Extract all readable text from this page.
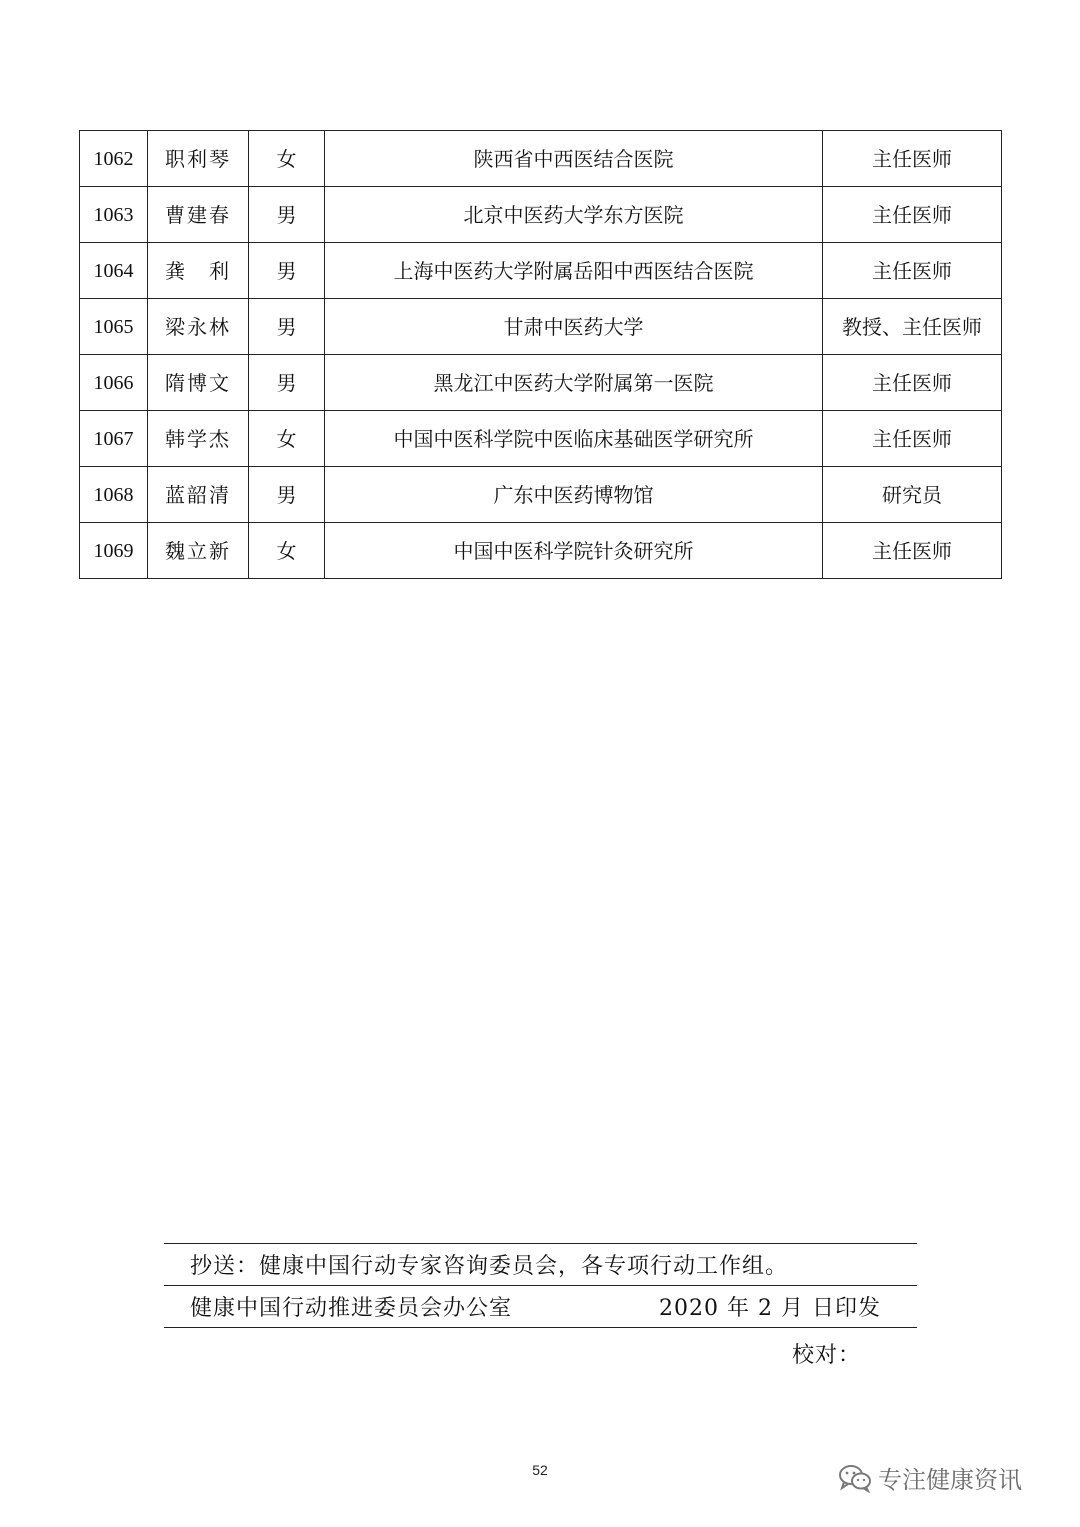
1062	职利琴	女	陕西省中西医结合医院	主任医师
1063	曹建春	男	北京中医药大学东方医院	主任医师
1064	龚　利	男	上海中医药大学附属岳阳中西医结合医院	主任医师
1065	梁永林	男	甘肃中医药大学	教授、主任医师
1066	隋博文	男	黑龙江中医药大学附属第一医院	主任医师
1067	韩学杰	女	中国中医科学院中医临床基础医学研究所	主任医师
1068	蓝韶清	男	广东中医药博物馆	研究员
1069	魏立新	女	中国中医科学院针灸研究所	主任医师
抄送：健康中国行动专家咨询委员会，各专项行动工作组。
健康中国行动推进委员会办公室	2020 年 2 月 日印发
校对：
52	专注健康资讯
